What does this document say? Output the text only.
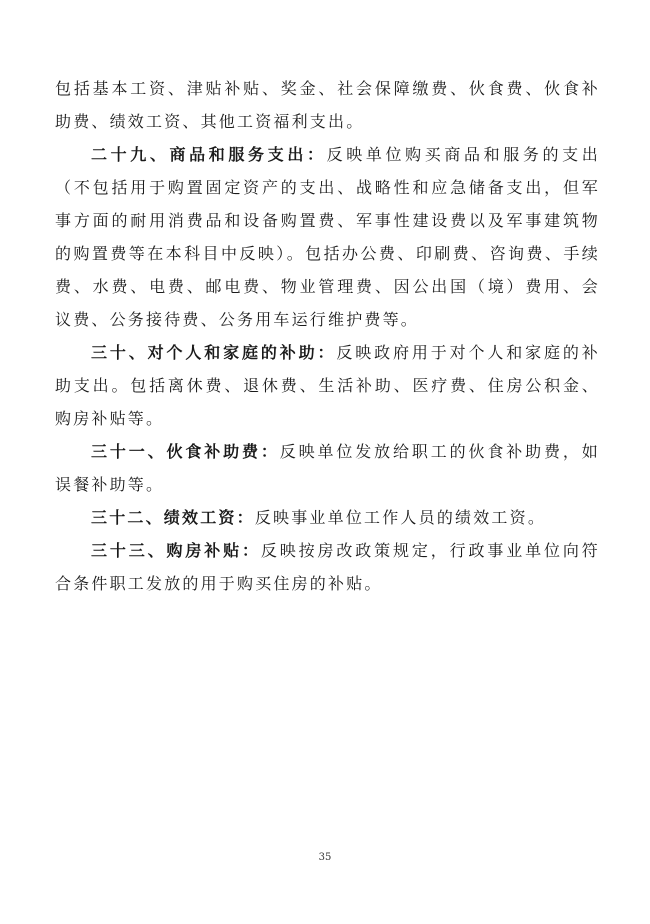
包括基本工资、津贴补贴、奖金、社会保障缴费、伙食费、伙食补助费、绩效工资、其他工资福利支出。

二十九、商品和服务支出：反映单位购买商品和服务的支出（不包括用于购置固定资产的支出、战略性和应急储备支出，但军事方面的耐用消费品和设备购置费、军事性建设费以及军事建筑物的购置费等在本科目中反映）。包括办公费、印刷费、咨询费、手续费、水费、电费、邮电费、物业管理费、因公出国（境）费用、会议费、公务接待费、公务用车运行维护费等。

三十、对个人和家庭的补助：反映政府用于对个人和家庭的补助支出。包括离休费、退休费、生活补助、医疗费、住房公积金、购房补贴等。

三十一、伙食补助费：反映单位发放给职工的伙食补助费，如误餐补助等。

三十二、绩效工资：反映事业单位工作人员的绩效工资。

三十三、购房补贴：反映按房改政策规定，行政事业单位向符合条件职工发放的用于购买住房的补贴。

35
